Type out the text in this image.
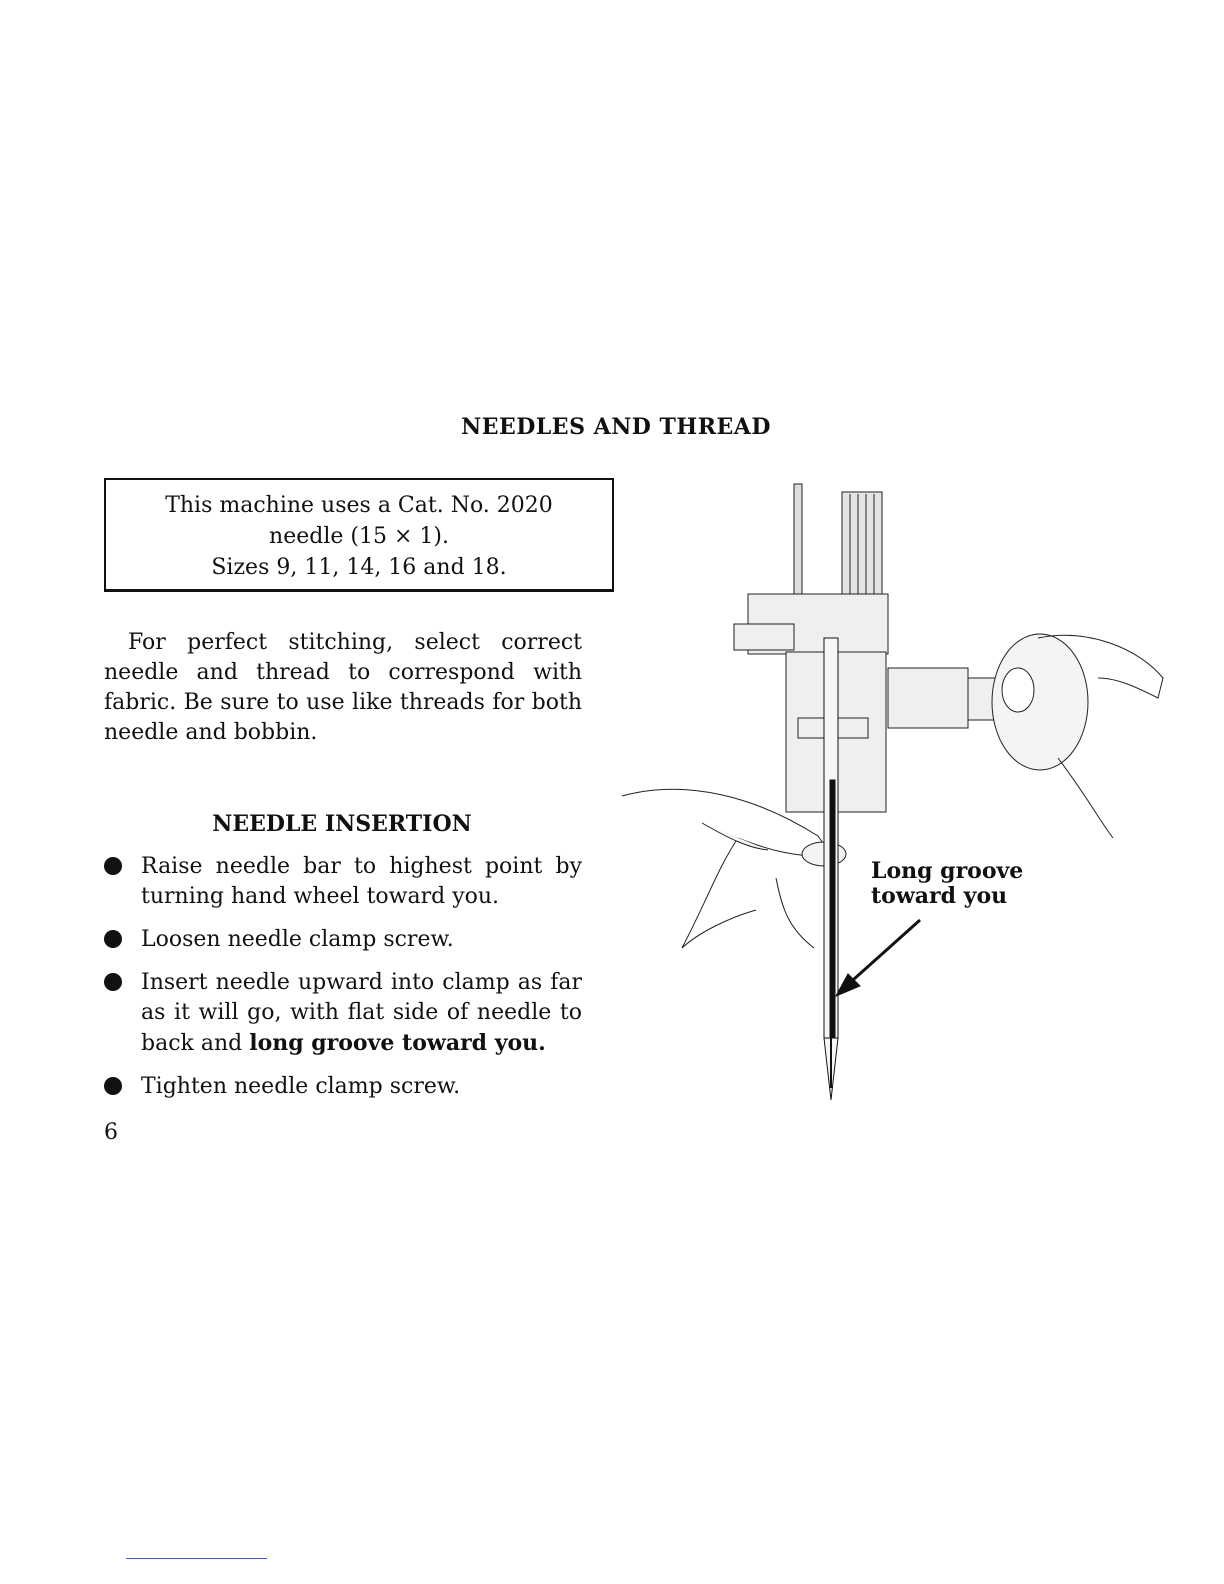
NEEDLES AND THREAD
This machine uses a Cat. No. 2020
needle (15 × 1).
Sizes 9, 11, 14, 16 and 18.

For perfect stitching, select correct needle and thread to correspond with fabric. Be sure to use like threads for both needle and bobbin.

NEEDLE INSERTION
Raise needle bar to highest point by turning hand wheel toward you.
Loosen needle clamp screw.
Insert needle upward into clamp as far as it will go, with flat side of needle to back and long groove toward you.
Tighten needle clamp screw.
6
Long groove
toward you
